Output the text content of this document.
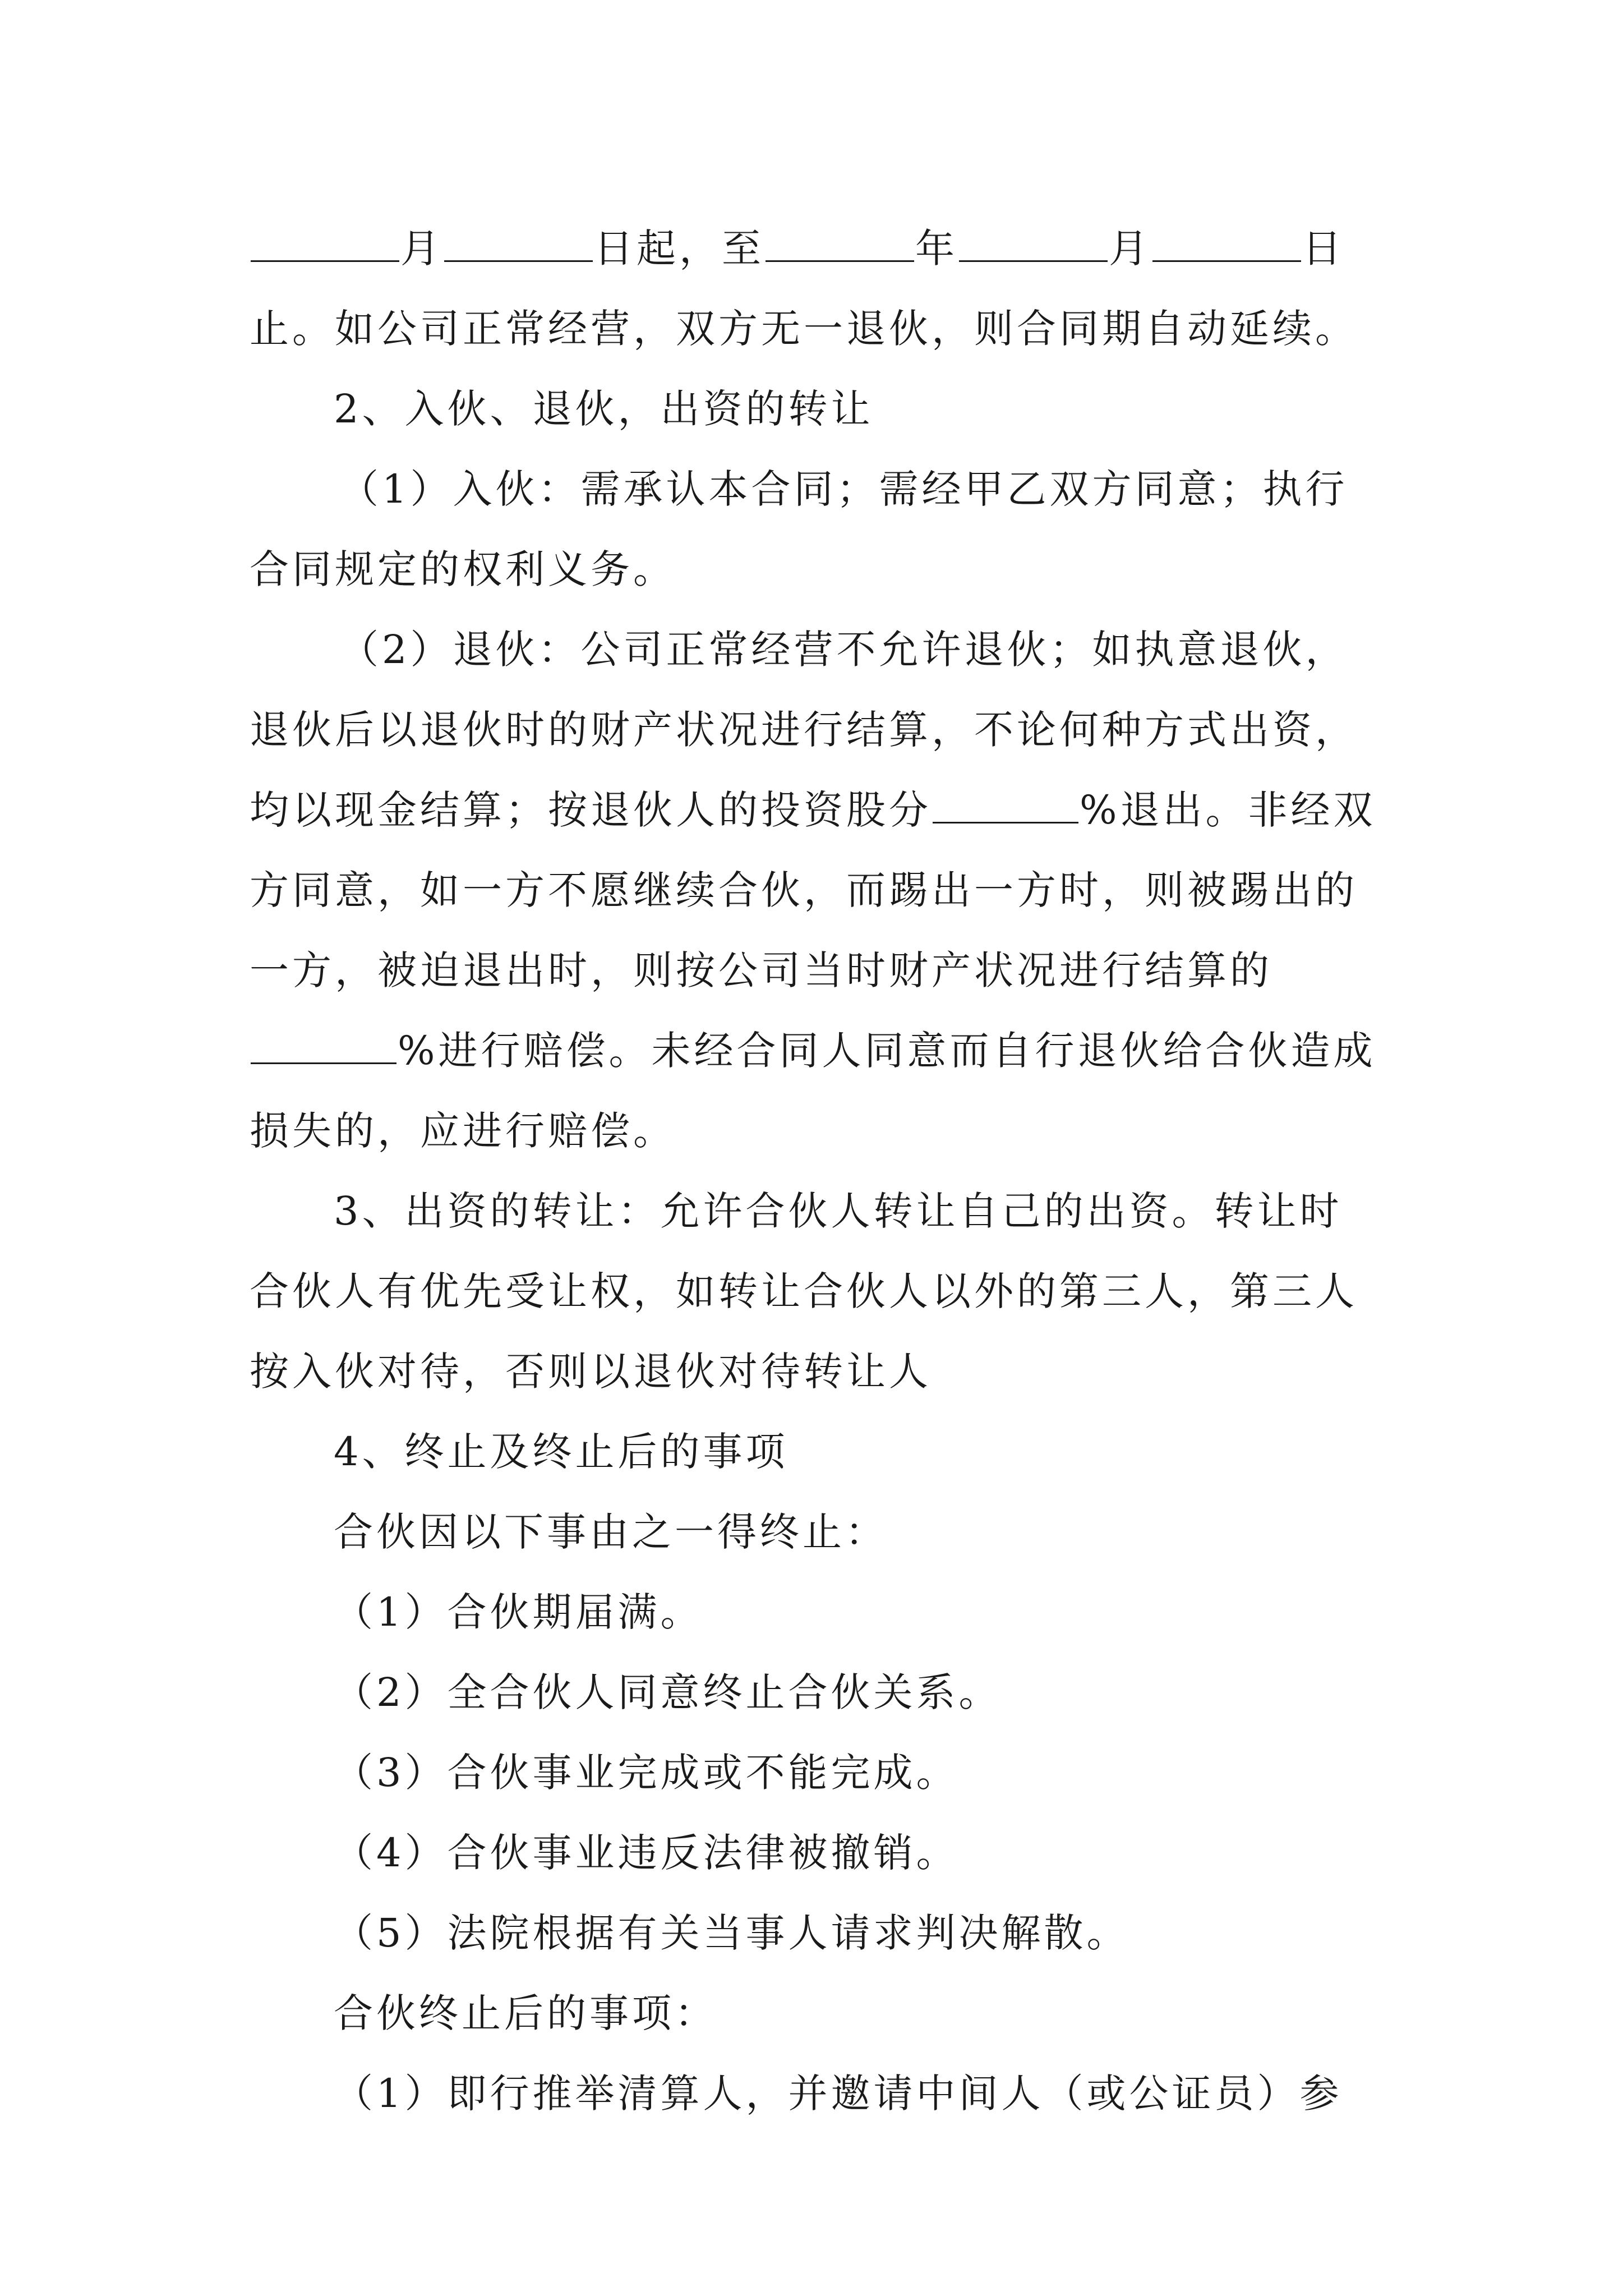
月	日起，至	年	月	日
止。如公司正常经营，双方无一退伙，则合同期自动延续。
2、入伙、退伙，出资的转让
（1）入伙：需承认本合同；需经甲乙双方同意；执行
合同规定的权利义务。
（2）退伙：公司正常经营不允许退伙；如执意退伙，
退伙后以退伙时的财产状况进行结算，不论何种方式出资，
均以现金结算；按退伙人的投资股分	%退出。非经双
方同意，如一方不愿继续合伙，而踢出一方时，则被踢出的
一方，被迫退出时，则按公司当时财产状况进行结算的
%进行赔偿。未经合同人同意而自行退伙给合伙造成
损失的，应进行赔偿。
3、出资的转让：允许合伙人转让自己的出资。转让时
合伙人有优先受让权，如转让合伙人以外的第三人，第三人
按入伙对待，否则以退伙对待转让人
4、终止及终止后的事项
合伙因以下事由之一得终止：
（1）合伙期届满。
（2）全合伙人同意终止合伙关系。
（3）合伙事业完成或不能完成。
（4）合伙事业违反法律被撤销。
（5）法院根据有关当事人请求判决解散。
合伙终止后的事项：
（1）即行推举清算人，并邀请中间人（或公证员）参
